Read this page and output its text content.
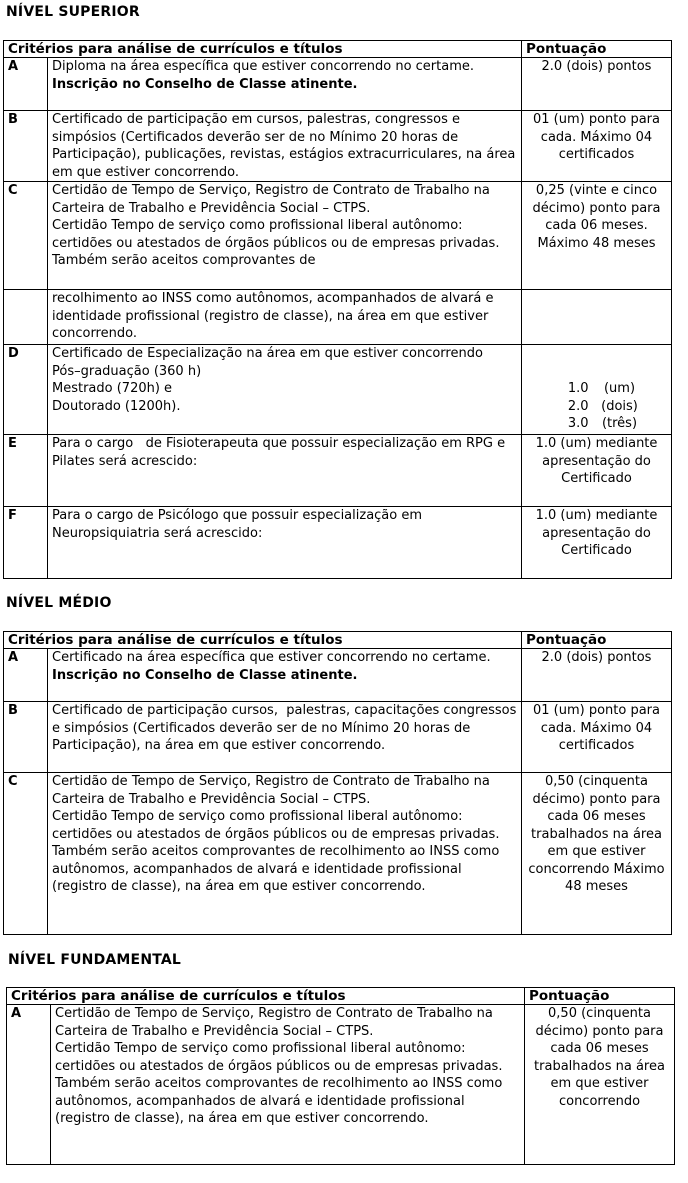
NÍVEL SUPERIOR
Critérios para análise de currículos e títulos		Pontuação
A	Diploma na área específica que estiver concorrendo no certame.
Inscrição no Conselho de Classe atinente.	2.0 (dois) pontos
B	Certificado de participação em cursos, palestras, congressos e simpósios (Certificados deverão ser de no Mínimo 20 horas de Participação), publicações, revistas, estágios extracurriculares, na área em que estiver concorrendo.	01 (um) ponto para cada. Máximo 04 certificados
C	Certidão de Tempo de Serviço, Registro de Contrato de Trabalho na Carteira de Trabalho e Previdência Social – CTPS.
Certidão Tempo de serviço como profissional liberal autônomo: certidões ou atestados de órgãos públicos ou de empresas privadas. Também serão aceitos comprovantes de	0,25 (vinte e cinco décimo) ponto para cada 06 meses. Máximo 48 meses
	recolhimento ao INSS como autônomos, acompanhados de alvará e identidade profissional (registro de classe), na área em que estiver concorrendo.	
D	Certificado de Especialização na área em que estiver concorrendo
Pós–graduação (360 h)
Mestrado (720h) e
Doutorado (1200h).	1.0 (um)
2.0 (dois)
3.0 (três)
E	Para o cargo   de Fisioterapeuta que possuir especialização em RPG e Pilates será acrescido:	1.0 (um) mediante apresentação do Certificado
F	Para o cargo de Psicólogo que possuir especialização em Neuropsiquiatria será acrescido:	1.0 (um) mediante apresentação do Certificado
NÍVEL MÉDIO
Critérios para análise de currículos e títulos		Pontuação
A	Certificado na área específica que estiver concorrendo no certame.
Inscrição no Conselho de Classe atinente.	2.0 (dois) pontos
B	Certificado de participação cursos,  palestras, capacitações congressos e simpósios (Certificados deverão ser de no Mínimo 20 horas de Participação), na área em que estiver concorrendo.	01 (um) ponto para cada. Máximo 04 certificados
C	Certidão de Tempo de Serviço, Registro de Contrato de Trabalho na Carteira de Trabalho e Previdência Social – CTPS.
Certidão Tempo de serviço como profissional liberal autônomo: certidões ou atestados de órgãos públicos ou de empresas privadas. Também serão aceitos comprovantes de recolhimento ao INSS como autônomos, acompanhados de alvará e identidade profissional (registro de classe), na área em que estiver concorrendo.	0,50 (cinquenta décimo) ponto para cada 06 meses trabalhados na área em que estiver concorrendo Máximo 48 meses
NÍVEL FUNDAMENTAL
Critérios para análise de currículos e títulos		Pontuação
A	Certidão de Tempo de Serviço, Registro de Contrato de Trabalho na Carteira de Trabalho e Previdência Social – CTPS.
Certidão Tempo de serviço como profissional liberal autônomo: certidões ou atestados de órgãos públicos ou de empresas privadas. Também serão aceitos comprovantes de recolhimento ao INSS como autônomos, acompanhados de alvará e identidade profissional (registro de classe), na área em que estiver concorrendo.	0,50 (cinquenta décimo) ponto para cada 06 meses trabalhados na área em que estiver concorrendo
